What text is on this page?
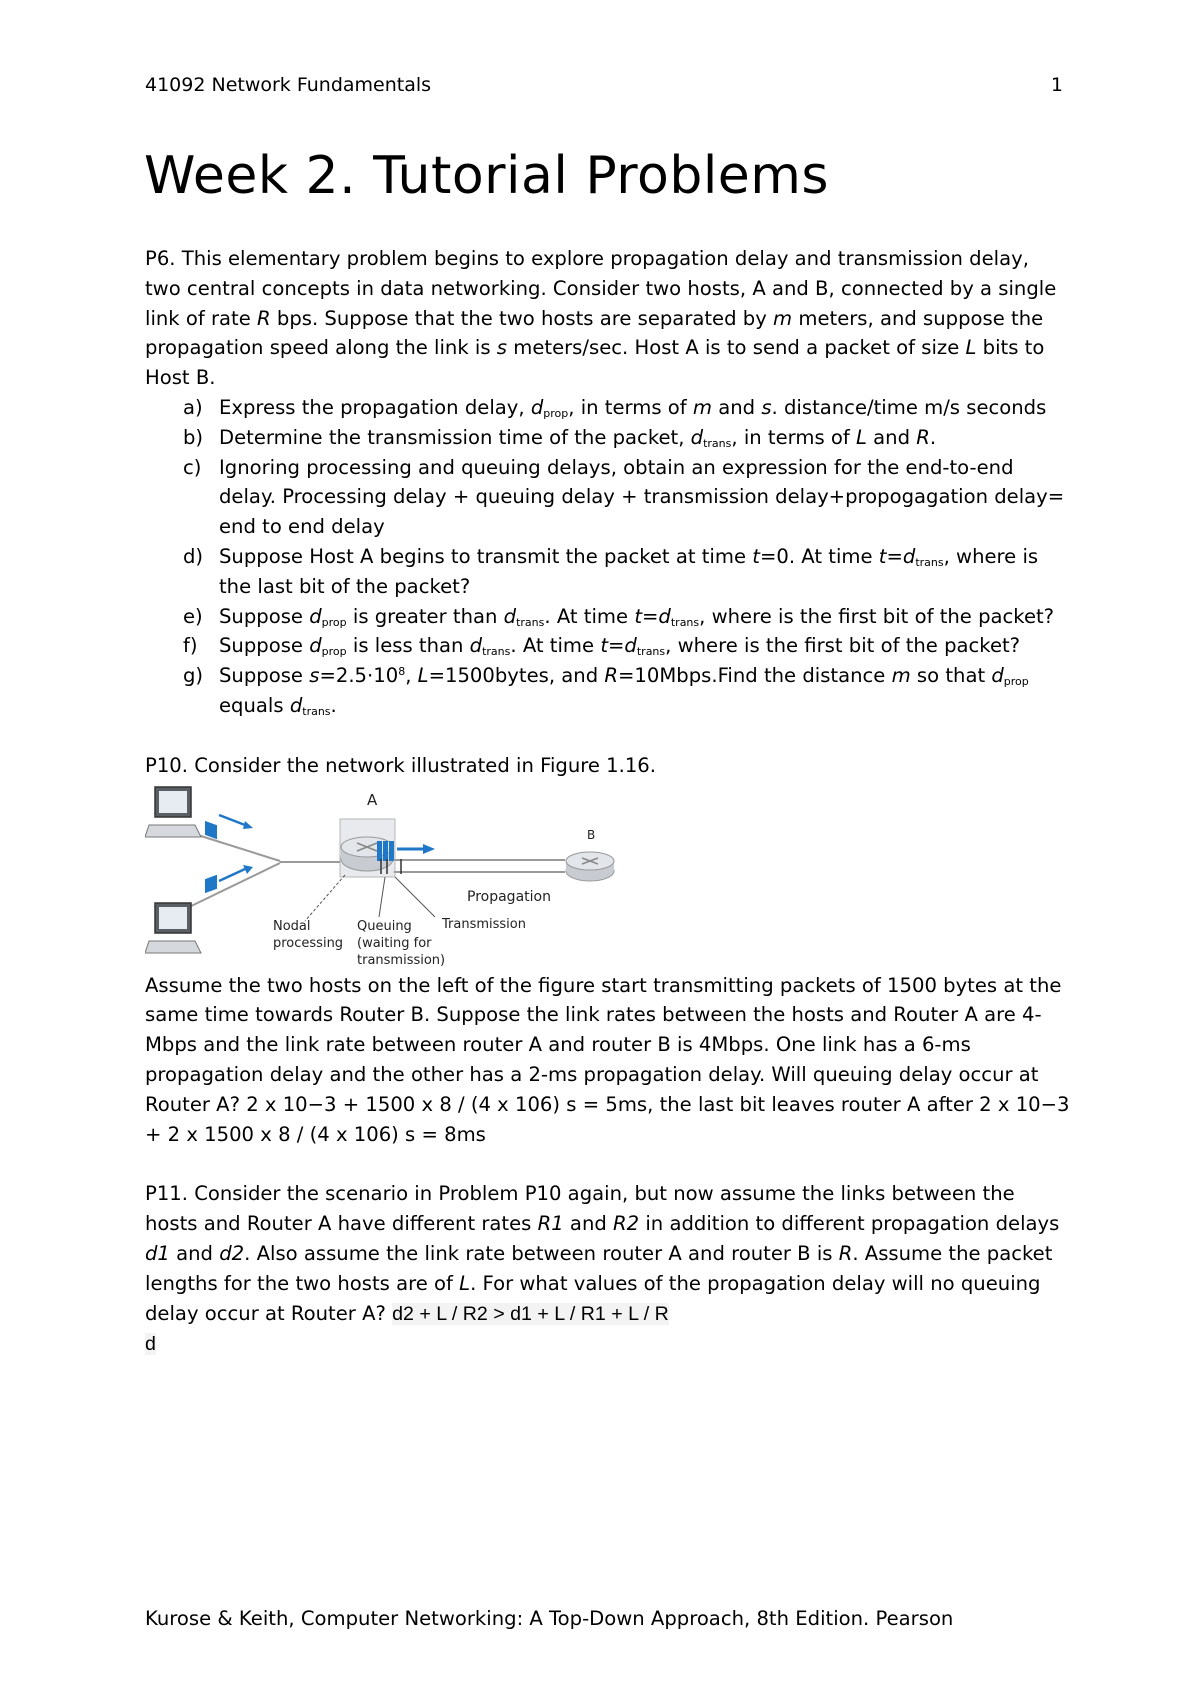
41092 Network Fundamentals	1
Week 2. Tutorial Problems

P6. This elementary problem begins to explore propagation delay and transmission delay, two central concepts in data networking. Consider two hosts, A and B, connected by a single link of rate R bps. Suppose that the two hosts are separated by m meters, and suppose the propagation speed along the link is s meters/sec. Host A is to send a packet of size L bits to Host B.

a) Express the propagation delay, $d_{prop}$, in terms of m and s. distance/time m/s seconds
b) Determine the transmission time of the packet, $d_{trans}$, in terms of L and R.
c) Ignoring processing and queuing delays, obtain an expression for the end-to-end delay. Processing delay + queuing delay + transmission delay+propogagation delay= end to end delay
d) Suppose Host A begins to transmit the packet at time t=0. At time $t=d_{trans}$, where is the last bit of the packet?
e) Suppose $d_{prop}$ is greater than $d_{trans}$. At time $t=d_{trans}$, where is the first bit of the packet?
f) Suppose $d_{prop}$ is less than $d_{trans}$. At time $t=d_{trans}$, where is the first bit of the packet?
g) Suppose $s=2.5\cdot 10^8$, L=1500bytes, and R=10Mbps.Find the distance m so that $d_{prop}$ equals $d_{trans}$.

P10. Consider the network illustrated in Figure 1.16.

A
B
Propagation
Transmission
Nodal
processing
Queuing
(waiting for
transmission)

Assume the two hosts on the left of the figure start transmitting packets of 1500 bytes at the same time towards Router B. Suppose the link rates between the hosts and Router A are 4-Mbps and the link rate between router A and router B is 4Mbps. One link has a 6-ms propagation delay and the other has a 2-ms propagation delay. Will queuing delay occur at Router A? 2 x 10−3 + 1500 x 8 / (4 x 106) s = 5ms, the last bit leaves router A after 2 x 10−3 + 2 x 1500 x 8 / (4 x 106) s = 8ms

P11. Consider the scenario in Problem P10 again, but now assume the links between the hosts and Router A have different rates R1 and R2 in addition to different propagation delays d1 and d2. Also assume the link rate between router A and router B is R. Assume the packet lengths for the two hosts are of L. For what values of the propagation delay will no queuing delay occur at Router A? d2 + L / R2 > d1 + L / R1 + L / R
d

Kurose & Keith, Computer Networking: A Top-Down Approach, 8th Edition. Pearson
